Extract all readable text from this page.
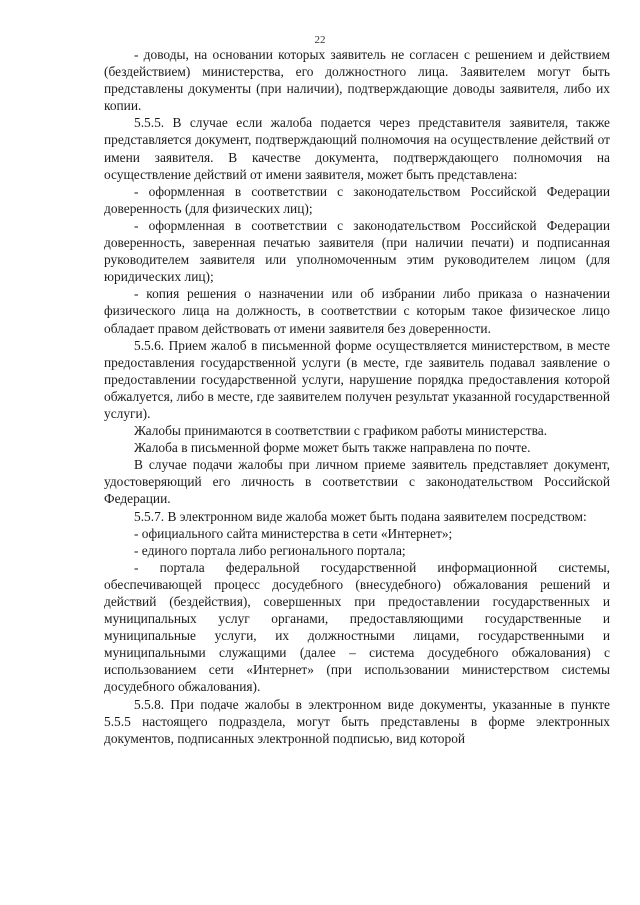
22

- доводы, на основании которых заявитель не согласен с решением и действием (бездействием) министерства, его должностного лица. Заявителем могут быть представлены документы (при наличии), подтверждающие доводы заявителя, либо их копии.

5.5.5. В случае если жалоба подается через представителя заявителя, также представляется документ, подтверждающий полномочия на осуществление действий от имени заявителя. В качестве документа, подтверждающего полномочия на осуществление действий от имени заявителя, может быть представлена:

- оформленная в соответствии с законодательством Российской Федерации доверенность (для физических лиц);

- оформленная в соответствии с законодательством Российской Федерации доверенность, заверенная печатью заявителя (при наличии печати) и подписанная руководителем заявителя или уполномоченным этим руководителем лицом (для юридических лиц);

- копия решения о назначении или об избрании либо приказа о назначении физического лица на должность, в соответствии с которым такое физическое лицо обладает правом действовать от имени заявителя без доверенности.

5.5.6. Прием жалоб в письменной форме осуществляется министерством, в месте предоставления государственной услуги (в месте, где заявитель подавал заявление о предоставлении государственной услуги, нарушение порядка предоставления которой обжалуется, либо в месте, где заявителем получен результат указанной государственной услуги).

Жалобы принимаются в соответствии с графиком работы министерства.

Жалоба в письменной форме может быть также направлена по почте.

В случае подачи жалобы при личном приеме заявитель представляет документ, удостоверяющий его личность в соответствии с законодательством Российской Федерации.

5.5.7. В электронном виде жалоба может быть подана заявителем посредством:

- официального сайта министерства в сети «Интернет»;

- единого портала либо регионального портала;

- портала федеральной государственной информационной системы, обеспечивающей процесс досудебного (внесудебного) обжалования решений и действий (бездействия), совершенных при предоставлении государственных и муниципальных услуг органами, предоставляющими государственные и муниципальные услуги, их должностными лицами, государственными и муниципальными служащими (далее – система досудебного обжалования) с использованием сети «Интернет» (при использовании министерством системы досудебного обжалования).

5.5.8. При подаче жалобы в электронном виде документы, указанные в пункте 5.5.5 настоящего подраздела, могут быть представлены в форме электронных документов, подписанных электронной подписью, вид которой
